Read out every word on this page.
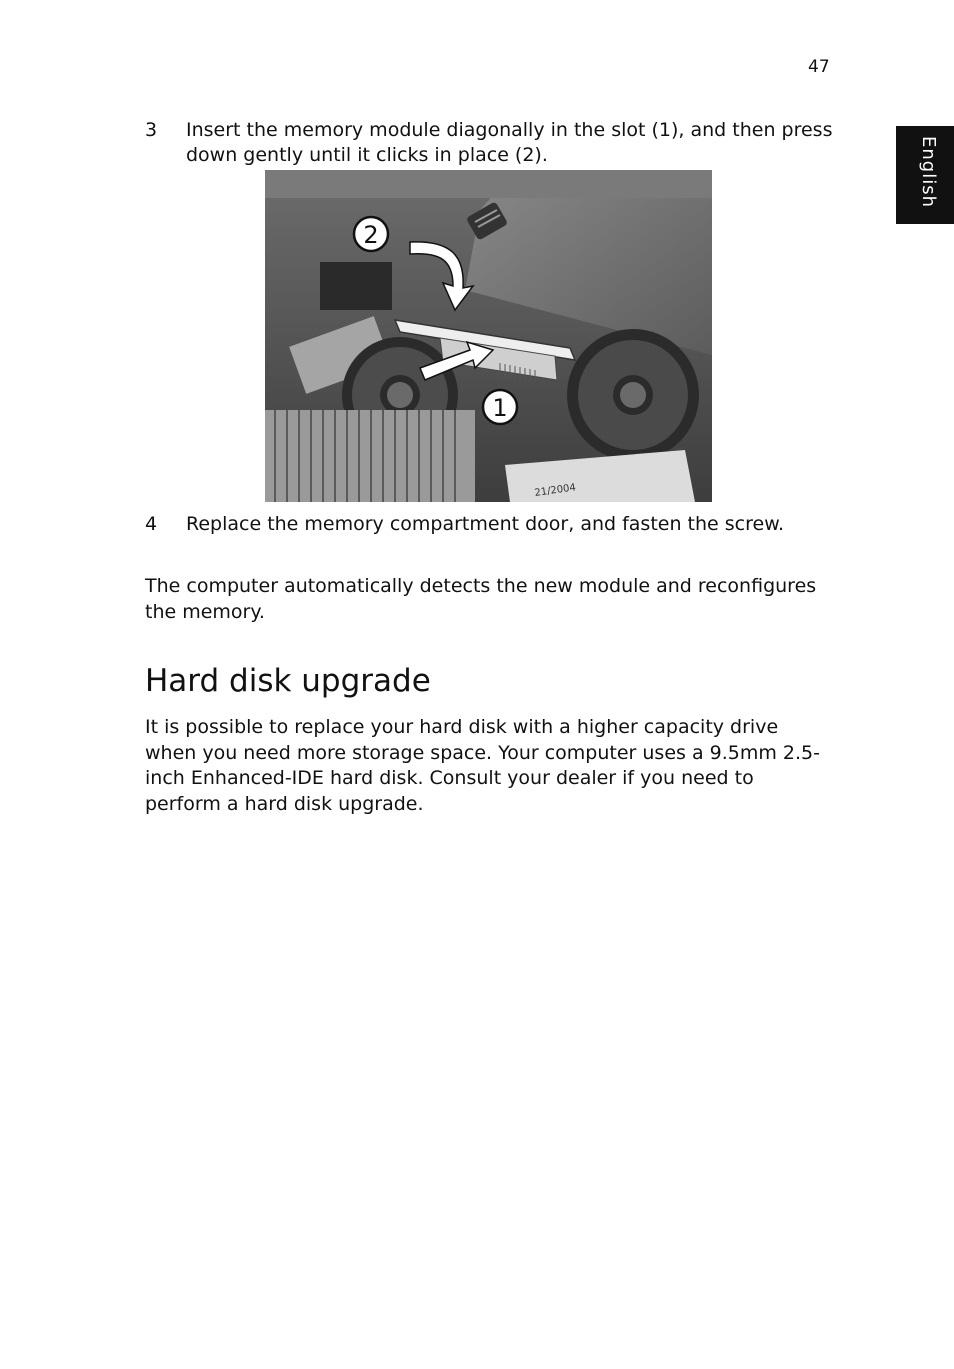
47
English
3 Insert the memory module diagonally in the slot (1), and then press down gently until it clicks in place (2).
21/2004
2
1
4 Replace the memory compartment door, and fasten the screw.

The computer automatically detects the new module and reconfigures the memory.

Hard disk upgrade

It is possible to replace your hard disk with a higher capacity drive when you need more storage space. Your computer uses a 9.5mm 2.5-inch Enhanced-IDE hard disk. Consult your dealer if you need to perform a hard disk upgrade.
